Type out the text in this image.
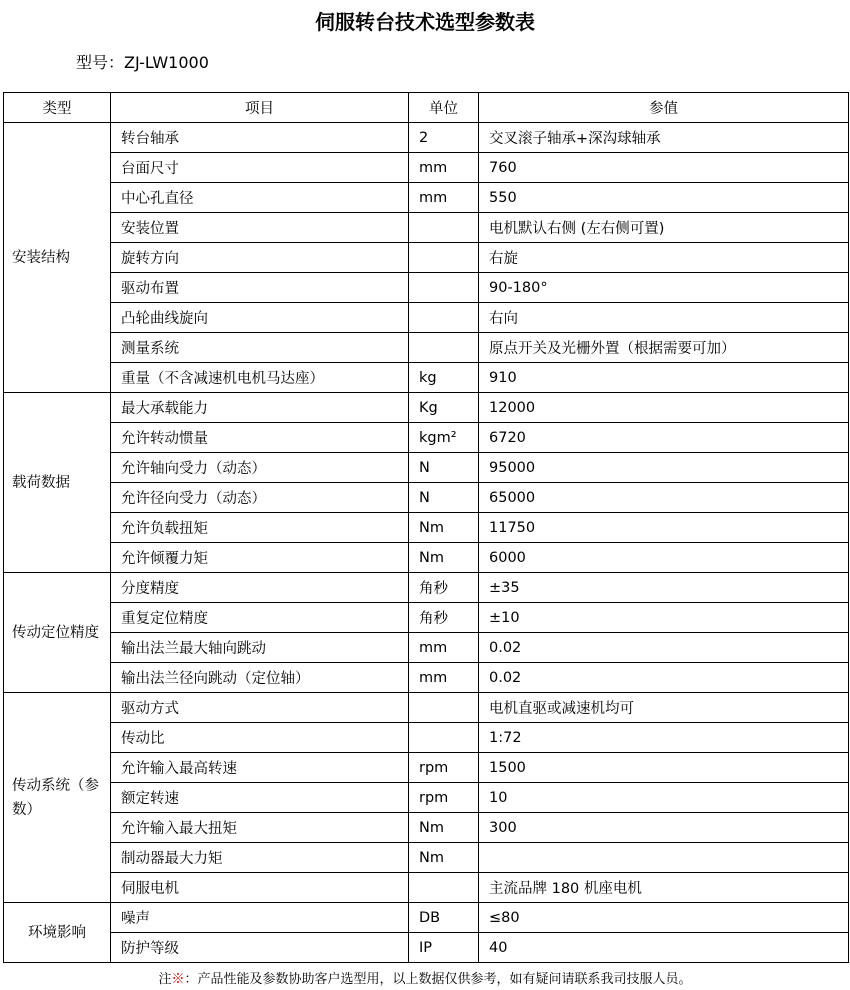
伺服转台技术选型参数表
型号：ZJ-LW1000
类型	项目	单位	参值
安装结构	转台轴承	2	交叉滚子轴承+深沟球轴承
	台面尺寸	mm	760
	中心孔直径	mm	550
	安装位置		电机默认右侧 (左右侧可置)
	旋转方向		右旋
	驱动布置		90-180°
	凸轮曲线旋向		右向
	测量系统		原点开关及光栅外置（根据需要可加）
	重量（不含减速机电机马达座）	kg	910
载荷数据	最大承载能力	Kg	12000
	允许转动惯量	kgm²	6720
	允许轴向受力（动态）	N	95000
	允许径向受力（动态）	N	65000
	允许负载扭矩	Nm	11750
	允许倾覆力矩	Nm	6000
传动定位精度	分度精度	角秒	±35
	重复定位精度	角秒	±10
	输出法兰最大轴向跳动	mm	0.02
	输出法兰径向跳动（定位轴）	mm	0.02
传动系统（参数）	驱动方式		电机直驱或减速机均可
	传动比		1:72
	允许输入最高转速	rpm	1500
	额定转速	rpm	10
	允许输入最大扭矩	Nm	300
	制动器最大力矩	Nm	
	伺服电机		主流品牌 180 机座电机
环境影响	噪声	DB	≤80
	防护等级	IP	40
注※：产品性能及参数协助客户选型用，以上数据仅供参考，如有疑问请联系我司技服人员。
